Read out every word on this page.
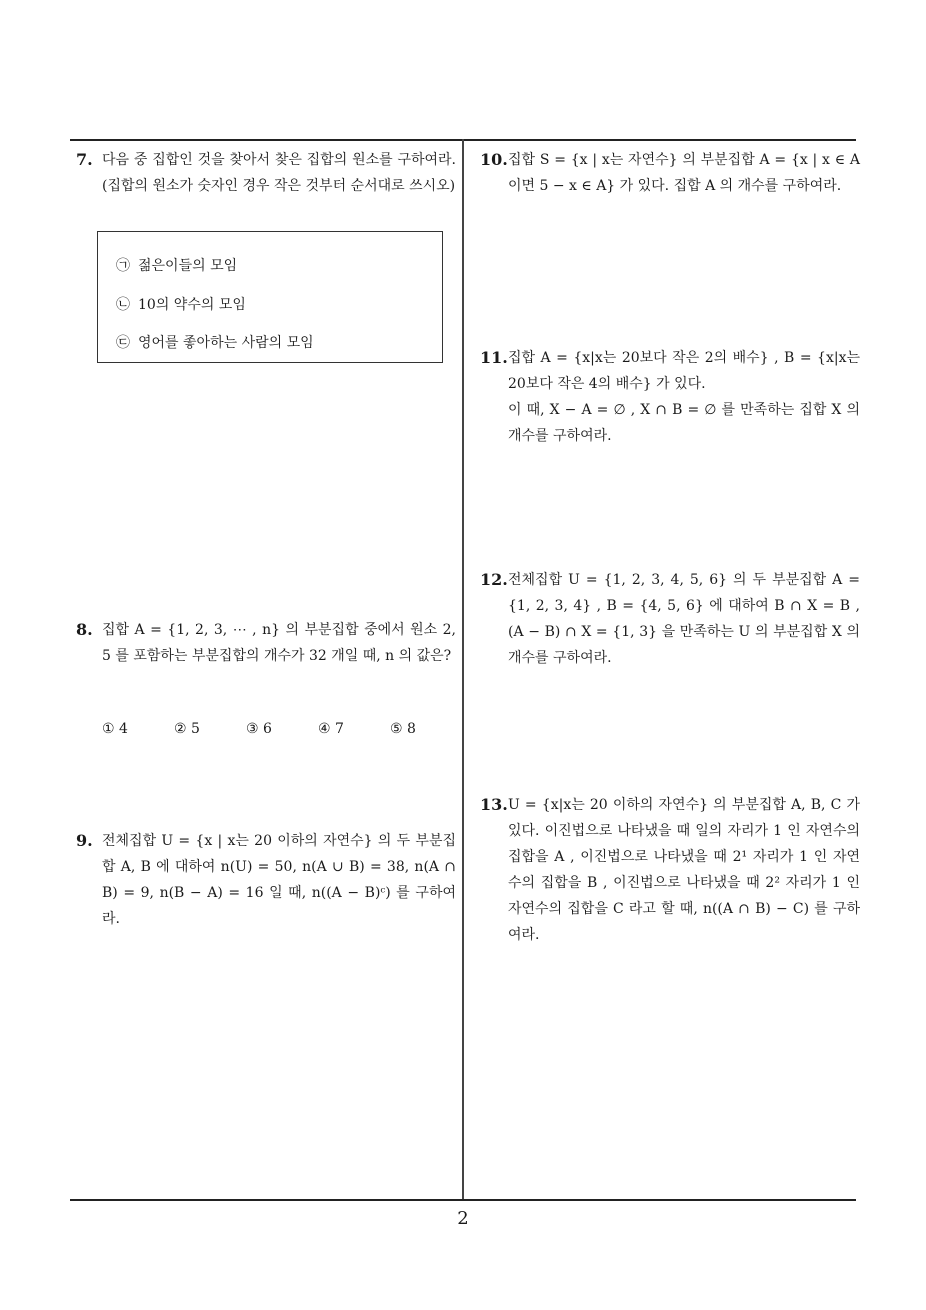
7. 다음 중 집합인 것을 찾아서 찾은 집합의 원소를 구하여라. (집합의 원소가 숫자인 경우 작은 것부터 순서대로 쓰시오)

㉠ 젊은이들의 모임
㉡ 10의 약수의 모임
㉢ 영어를 좋아하는 사람의 모임
8. 집합 A = {1, 2, 3, ⋯ , n} 의 부분집합 중에서 원소 2, 5 를 포함하는 부분집합의 개수가 32 개일 때, n 의 값은?

① 4	② 5	③ 6	④ 7	⑤ 8
9. 전체집합 U = {x | x는 20 이하의 자연수} 의 두 부분집합 A, B 에 대하여 n(U) = 50, n(A ∪ B) = 38, n(A ∩ B) = 9, n(B − A) = 16 일 때, n((A − B)ᶜ) 를 구하여라.

10. 집합 S = {x | x는 자연수} 의 부분집합 A = {x | x ∈ A이면 5 − x ∈ A} 가 있다. 집합 A 의 개수를 구하여라.

11. 집합 A = {x|x는 20보다 작은 2의 배수} , B = {x|x는 20보다 작은 4의 배수} 가 있다.

이 때, X − A = ∅ , X ∩ B = ∅ 를 만족하는 집합 X 의 개수를 구하여라.

12. 전체집합 U = {1, 2, 3, 4, 5, 6} 의 두 부분집합 A = {1, 2, 3, 4} , B = {4, 5, 6} 에 대하여 B ∩ X = B , (A − B) ∩ X = {1, 3} 을 만족하는 U 의 부분집합 X 의 개수를 구하여라.

13. U = {x|x는 20 이하의 자연수} 의 부분집합 A, B, C 가 있다. 이진법으로 나타냈을 때 일의 자리가 1 인 자연수의 집합을 A , 이진법으로 나타냈을 때 2¹ 자리가 1 인 자연수의 집합을 B , 이진법으로 나타냈을 때 2² 자리가 1 인 자연수의 집합을 C 라고 할 때, n((A ∩ B) − C) 를 구하여라.

2
